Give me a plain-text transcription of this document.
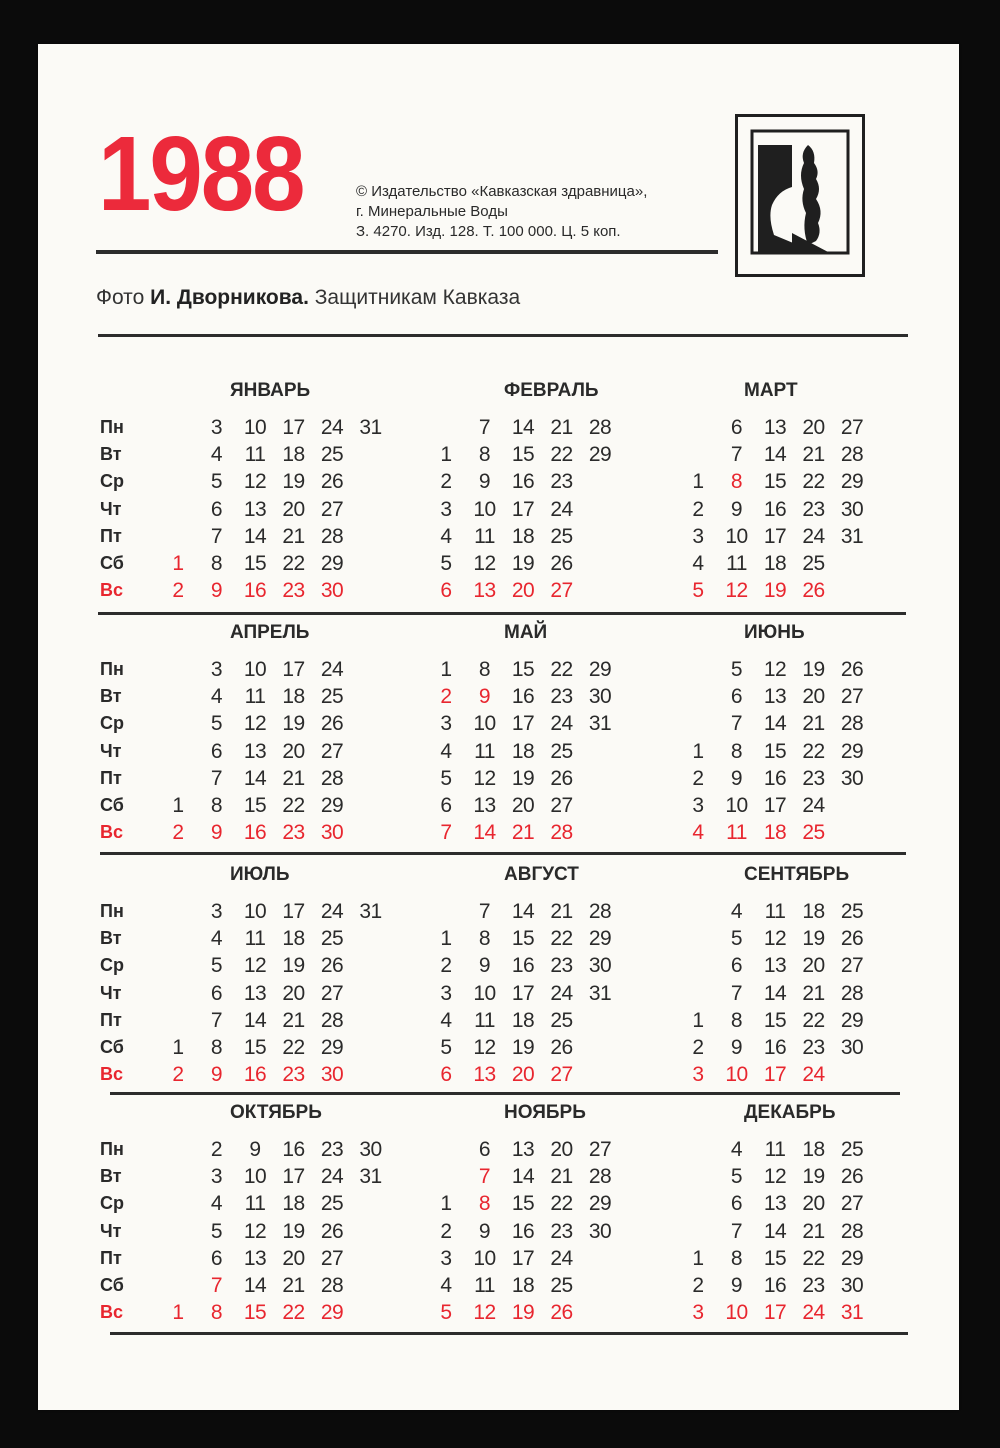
1988	© Издательство «Кавказская здравница»,
г. Минеральные Воды
З. 4270. Изд. 128. Т. 100 000. Ц. 5 коп.
Фото И. Дворникова. Защитникам Кавказа
ЯНВАРЬ
Пн
Вт
Ср
Чт
Пт
Сб
Вс
1
2
3
4
5
6
7
8
9
10
11
12
13
14
15
16
17
18
19
20
21
22
23
24
25
26
27
28
29
30
31
ФЕВРАЛЬ
1
2
3
4
5
6
7
8
9
10
11
12
13
14
15
16
17
18
19
20
21
22
23
24
25
26
27
28
29
МАРТ
1
2
3
4
5
6
7
8
9
10
11
12
13
14
15
16
17
18
19
20
21
22
23
24
25
26
27
28
29
30
31
АПРЕЛЬ
Пн
Вт
Ср
Чт
Пт
Сб
Вс
1
2
3
4
5
6
7
8
9
10
11
12
13
14
15
16
17
18
19
20
21
22
23
24
25
26
27
28
29
30
МАЙ
1
2
3
4
5
6
7
8
9
10
11
12
13
14
15
16
17
18
19
20
21
22
23
24
25
26
27
28
29
30
31
ИЮНЬ
1
2
3
4
5
6
7
8
9
10
11
12
13
14
15
16
17
18
19
20
21
22
23
24
25
26
27
28
29
30
ИЮЛЬ
Пн
Вт
Ср
Чт
Пт
Сб
Вс
1
2
3
4
5
6
7
8
9
10
11
12
13
14
15
16
17
18
19
20
21
22
23
24
25
26
27
28
29
30
31
АВГУСТ
1
2
3
4
5
6
7
8
9
10
11
12
13
14
15
16
17
18
19
20
21
22
23
24
25
26
27
28
29
30
31
СЕНТЯБРЬ
1
2
3
4
5
6
7
8
9
10
11
12
13
14
15
16
17
18
19
20
21
22
23
24
25
26
27
28
29
30
ОКТЯБРЬ
Пн
Вт
Ср
Чт
Пт
Сб
Вс	1
2
3
4
5
6
7
8
9
10
11
12
13
14
15
16
17
18
19
20
21
22
23
24
25
26
27
28
29
30
31
НОЯБРЬ
1
2
3
4
5
6
7
8
9
10
11
12
13
14
15
16
17
18
19
20
21
22
23
24
25
26
27
28
29
30
ДЕКАБРЬ
1
2
3
4
5
6
7
8
9
10
11
12
13
14
15
16
17
18
19
20
21
22
23
24
25
26
27
28
29
30
31
